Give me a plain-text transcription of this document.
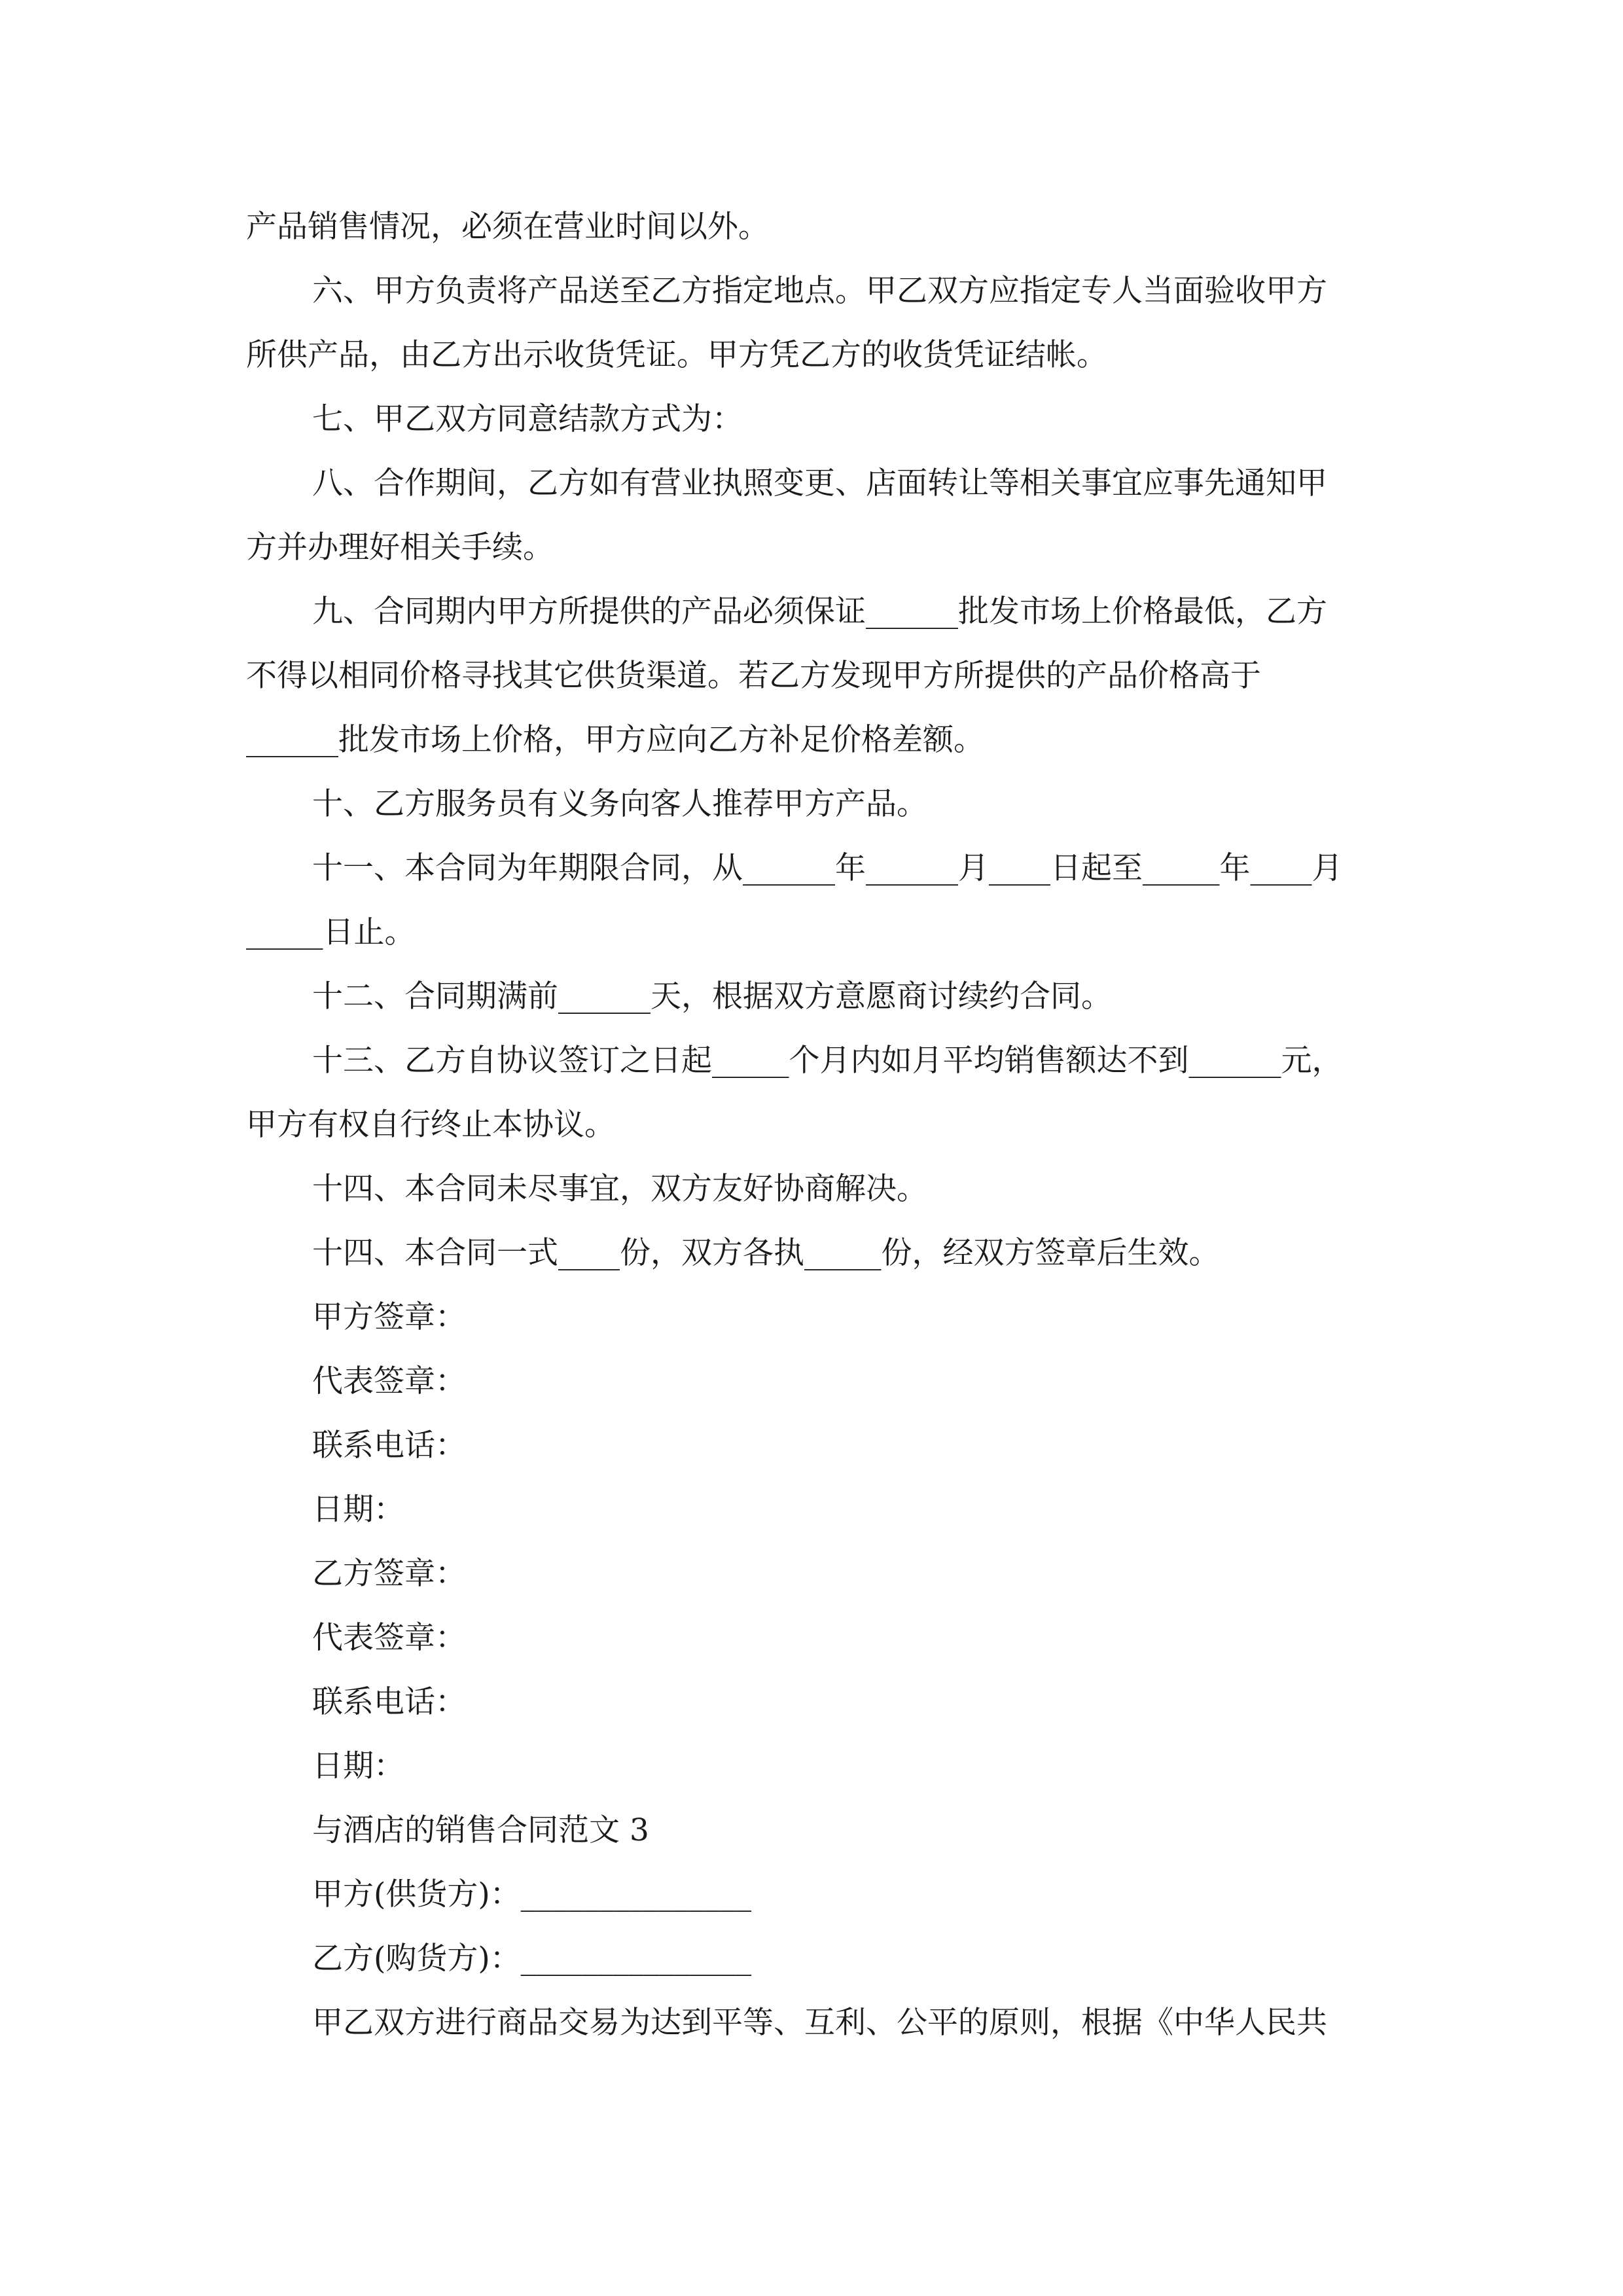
产品销售情况，必须在营业时间以外。
六、甲方负责将产品送至乙方指定地点。甲乙双方应指定专人当面验收甲方
所供产品，由乙方出示收货凭证。甲方凭乙方的收货凭证结帐。
七、甲乙双方同意结款方式为：
八、合作期间，乙方如有营业执照变更、店面转让等相关事宜应事先通知甲
方并办理好相关手续。
九、合同期内甲方所提供的产品必须保证______批发市场上价格最低，乙方
不得以相同价格寻找其它供货渠道。若乙方发现甲方所提供的产品价格高于
______批发市场上价格，甲方应向乙方补足价格差额。
十、乙方服务员有义务向客人推荐甲方产品。
十一、本合同为年期限合同，从______年______月____日起至_____年____月
_____日止。
十二、合同期满前______天，根据双方意愿商讨续约合同。
十三、乙方自协议签订之日起_____个月内如月平均销售额达不到______元，
甲方有权自行终止本协议。
十四、本合同未尽事宜，双方友好协商解决。
十四、本合同一式____份，双方各执_____份，经双方签章后生效。
甲方签章：
代表签章：
联系电话：
日期：
乙方签章：
代表签章：
联系电话：
日期：
与酒店的销售合同范文 3
甲方(供货方)：_______________
乙方(购货方)：_______________
甲乙双方进行商品交易为达到平等、互利、公平的原则，根据《中华人民共
